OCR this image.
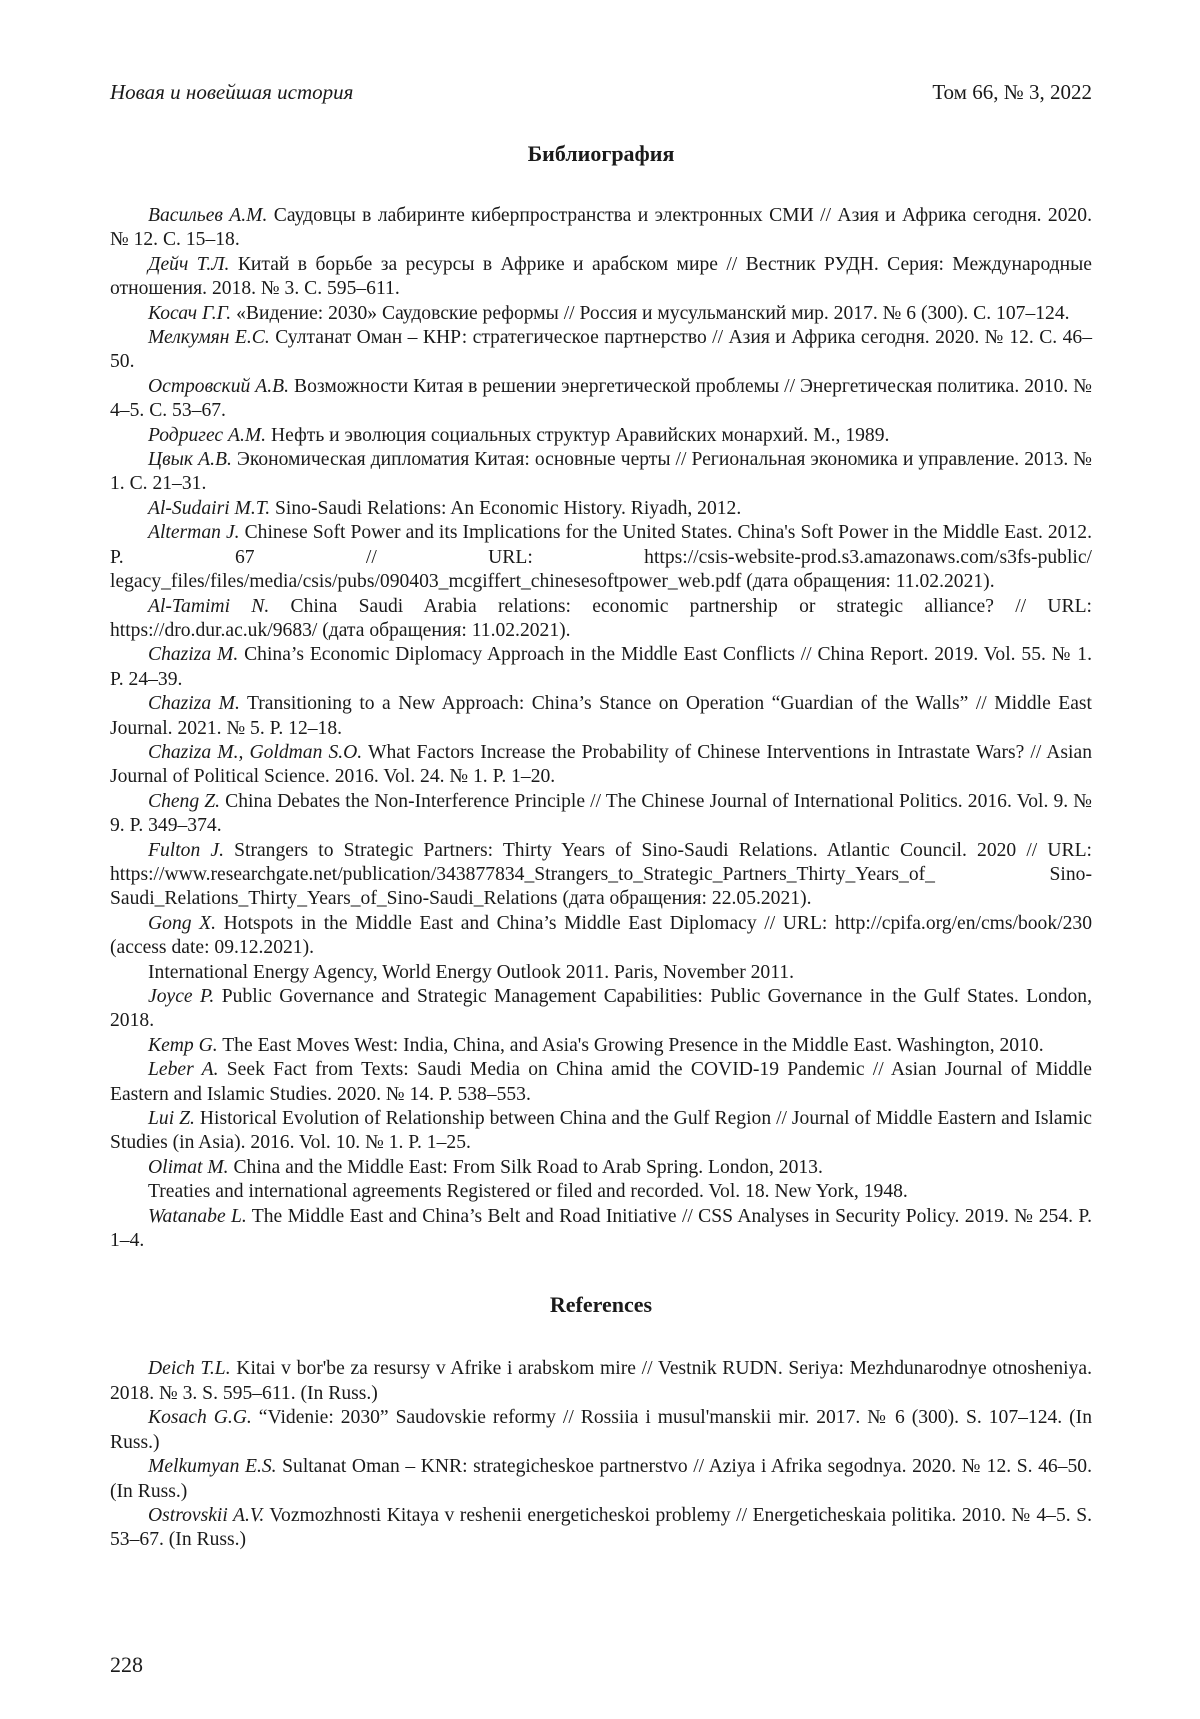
Новая и новейшая история	Том 66, № 3, 2022
Библиография

Васильев А.М. Саудовцы в лабиринте киберпространства и электронных СМИ // Азия и Африка сегодня. 2020. № 12. С. 15–18.

Дейч Т.Л. Китай в борьбе за ресурсы в Африке и арабском мире // Вестник РУДН. Серия: Международные отношения. 2018. № 3. С. 595–611.

Косач Г.Г. «Видение: 2030» Саудовские реформы // Россия и мусульманский мир. 2017. № 6 (300). С. 107–124.

Мелкумян Е.С. Султанат Оман – КНР: стратегическое партнерство // Азия и Африка сегодня. 2020. № 12. С. 46–50.

Островский А.В. Возможности Китая в решении энергетической проблемы // Энергетическая политика. 2010. № 4–5. С. 53–67.

Родригес А.М. Нефть и эволюция социальных структур Аравийских монархий. М., 1989.

Цвык А.В. Экономическая дипломатия Китая: основные черты // Региональная экономика и управление. 2013. № 1. С. 21–31.

Al-Sudairi M.T. Sino-Saudi Relations: An Economic History. Riyadh, 2012.

Alterman J. Chinese Soft Power and its Implications for the United States. China's Soft Power in the Middle East. 2012. P. 67 // URL: https://csis-website-prod.s3.amazonaws.com/s3fs-public/ legacy_files/files/media/csis/pubs/090403_mcgiffert_chinesesoftpower_web.pdf (дата обращения: 11.02.2021).

Al-Tamimi N. China Saudi Arabia relations: economic partnership or strategic alliance? // URL: https://dro.dur.ac.uk/9683/ (дата обращения: 11.02.2021).

Chaziza M. China’s Economic Diplomacy Approach in the Middle East Conflicts // China Report. 2019. Vol. 55. № 1. P. 24–39.

Chaziza M. Transitioning to a New Approach: China’s Stance on Operation “Guardian of the Walls” // Middle East Journal. 2021. № 5. P. 12–18.

Chaziza M., Goldman S.O. What Factors Increase the Probability of Chinese Interventions in Intrastate Wars? // Asian Journal of Political Science. 2016. Vol. 24. № 1. P. 1–20.

Cheng Z. China Debates the Non-Interference Principle // The Chinese Journal of International Politics. 2016. Vol. 9. № 9. P. 349–374.

Fulton J. Strangers to Strategic Partners: Thirty Years of Sino-Saudi Relations. Atlantic Council. 2020 // URL: https://www.researchgate.net/publication/343877834_Strangers_to_Strategic_Partners_Thirty_Years_of_ Sino-Saudi_Relations_Thirty_Years_of_Sino-Saudi_Relations (дата обращения: 22.05.2021).

Gong X. Hotspots in the Middle East and China’s Middle East Diplomacy // URL: http://cpifa.org/en/cms/book/230 (access date: 09.12.2021).

International Energy Agency, World Energy Outlook 2011. Paris, November 2011.

Joyce P. Public Governance and Strategic Management Capabilities: Public Governance in the Gulf States. London, 2018.

Kemp G. The East Moves West: India, China, and Asia's Growing Presence in the Middle East. Washington, 2010.

Leber A. Seek Fact from Texts: Saudi Media on China amid the COVID-19 Pandemic // Asian Journal of Middle Eastern and Islamic Studies. 2020. № 14. P. 538–553.

Lui Z. Historical Evolution of Relationship between China and the Gulf Region // Journal of Middle Eastern and Islamic Studies (in Asia). 2016. Vol. 10. № 1. P. 1–25.

Olimat M. China and the Middle East: From Silk Road to Arab Spring. London, 2013.

Treaties and international agreements Registered or filed and recorded. Vol. 18. New York, 1948.

Watanabe L. The Middle East and China’s Belt and Road Initiative // CSS Analyses in Security Policy. 2019. № 254. P. 1–4.

References

Deich T.L. Kitai v bor'be za resursy v Afrike i arabskom mire // Vestnik RUDN. Seriya: Mezhdunarodnye otnosheniya. 2018. № 3. S. 595–611. (In Russ.)

Kosach G.G. “Videnie: 2030” Saudovskie reformy // Rossiia i musul'manskii mir. 2017. № 6 (300). S. 107–124. (In Russ.)

Melkumyan E.S. Sultanat Oman – KNR: strategicheskoe partnerstvo // Aziya i Afrika segodnya. 2020. № 12. S. 46–50. (In Russ.)

Ostrovskii A.V. Vozmozhnosti Kitaya v reshenii energeticheskoi problemy // Energeticheskaia politika. 2010. № 4–5. S. 53–67. (In Russ.)

228
